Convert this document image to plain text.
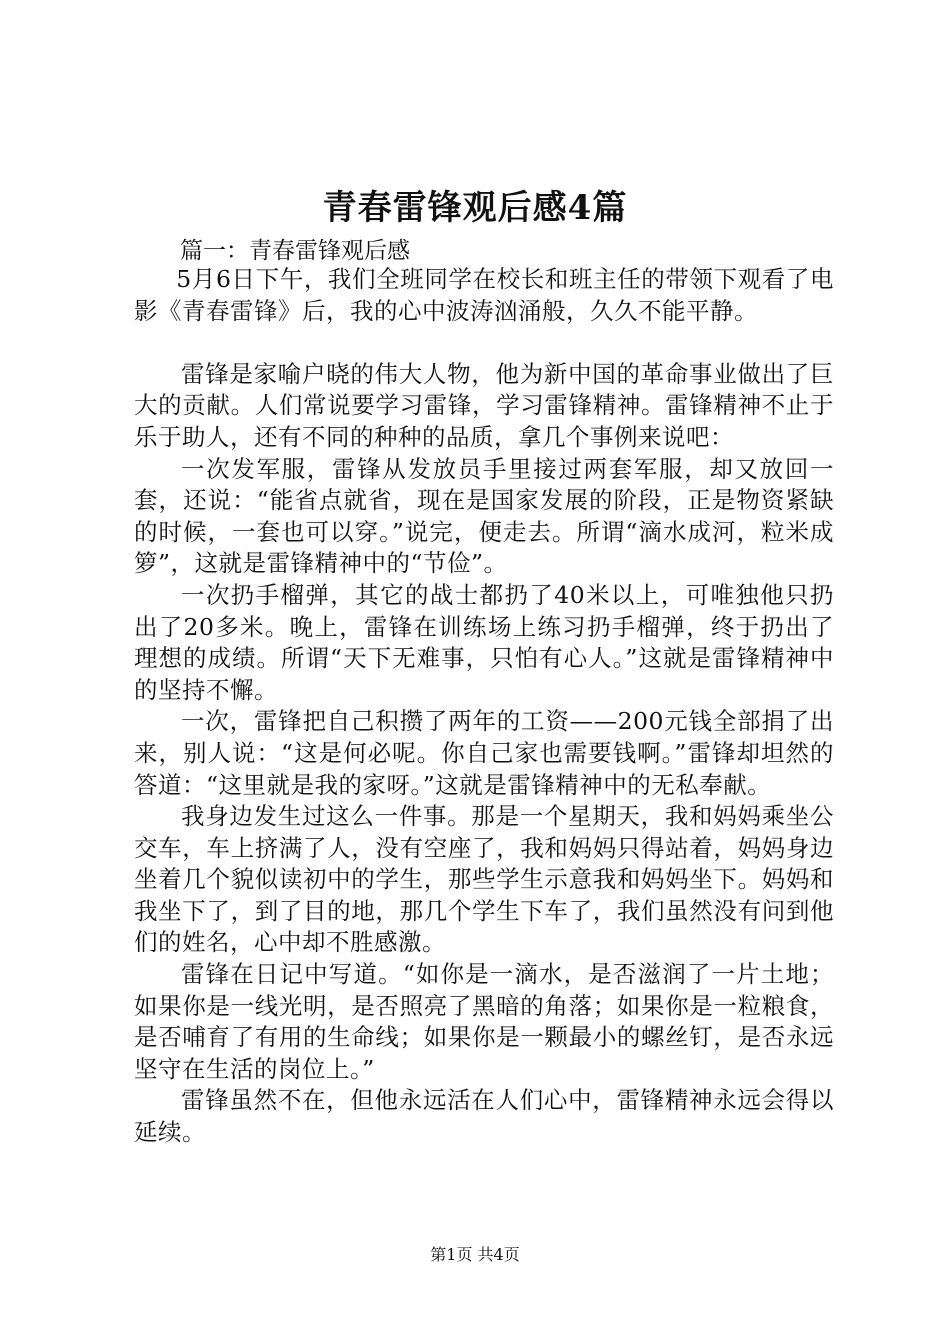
青春雷锋观后感4篇
篇一：青春雷锋观后感

5月6日下午，我们全班同学在校长和班主任的带领下观看了电影《青春雷锋》后，我的心中波涛汹涌般，久久不能平静。

雷锋是家喻户晓的伟大人物，他为新中国的革命事业做出了巨大的贡献。人们常说要学习雷锋，学习雷锋精神。雷锋精神不止于乐于助人，还有不同的种种的品质，拿几个事例来说吧：

一次发军服，雷锋从发放员手里接过两套军服，却又放回一套，还说：“能省点就省，现在是国家发展的阶段，正是物资紧缺的时候，一套也可以穿。”说完，便走去。所谓“滴水成河，粒米成箩”，这就是雷锋精神中的“节俭”。

一次扔手榴弹，其它的战士都扔了40米以上，可唯独他只扔出了20多米。晚上，雷锋在训练场上练习扔手榴弹，终于扔出了理想的成绩。所谓“天下无难事，只怕有心人。”这就是雷锋精神中的坚持不懈。

一次，雷锋把自己积攒了两年的工资——200元钱全部捐了出来，别人说：“这是何必呢。你自己家也需要钱啊。”雷锋却坦然的答道：“这里就是我的家呀。”这就是雷锋精神中的无私奉献。

我身边发生过这么一件事。那是一个星期天，我和妈妈乘坐公交车，车上挤满了人，没有空座了，我和妈妈只得站着，妈妈身边坐着几个貌似读初中的学生，那些学生示意我和妈妈坐下。妈妈和我坐下了，到了目的地，那几个学生下车了，我们虽然没有问到他们的姓名，心中却不胜感激。

雷锋在日记中写道。“如你是一滴水，是否滋润了一片土地；如果你是一线光明，是否照亮了黑暗的角落；如果你是一粒粮食，是否哺育了有用的生命线；如果你是一颗最小的螺丝钉，是否永远坚守在生活的岗位上。”

雷锋虽然不在，但他永远活在人们心中，雷锋精神永远会得以延续。

第1页 共4页
